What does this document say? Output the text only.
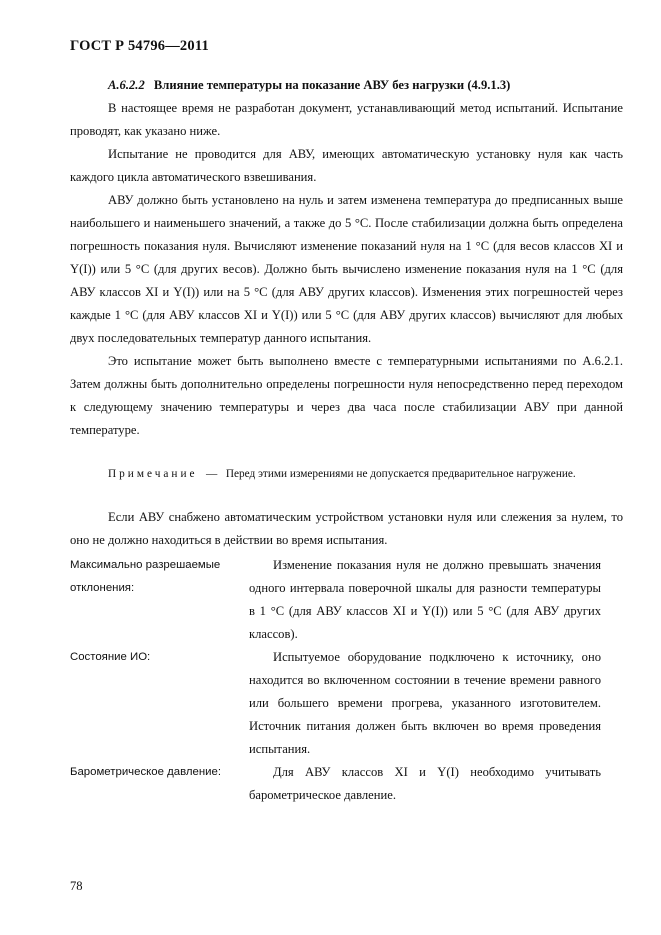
ГОСТ Р 54796—2011
А.6.2.2 Влияние температуры на показание АВУ без нагрузки (4.9.1.3)

В настоящее время не разработан документ, устанавливающий метод испытаний. Испытание проводят, как указано ниже.

Испытание не проводится для АВУ, имеющих автоматическую установку нуля как часть каждого цикла автоматического взвешивания.

АВУ должно быть установлено на нуль и затем изменена температура до предписанных выше наибольшего и наименьшего значений, а также до 5 °С. После стабилизации должна быть определена погрешность показания нуля. Вычисляют изменение показаний нуля на 1 °С (для весов классов XI и Y(I)) или 5 °С (для других весов). Должно быть вычислено изменение показания нуля на 1 °С (для АВУ классов XI и Y(I)) или на 5 °С (для АВУ других классов). Изменения этих погрешностей через каждые 1 °С (для АВУ классов XI и Y(I)) или 5 °С (для АВУ других классов) вычисляют для любых двух последовательных температур данного испытания.

Это испытание может быть выполнено вместе с температурными испытаниями по А.6.2.1. Затем должны быть дополнительно определены погрешности нуля непосредственно перед переходом к следующему значению температуры и через два часа после стабилизации АВУ при данной температуре.

Примечание — Перед этими измерениями не допускается предварительное нагружение.

Если АВУ снабжено автоматическим устройством установки нуля или слежения за нулем, то оно не должно находиться в действии во время испытания.

Максимально разрешаемые отклонения:	Изменение показания нуля не должно превышать значения одного интервала поверочной шкалы для разности температуры в 1 °С (для АВУ классов XI и Y(I)) или 5 °С (для АВУ других классов).

Состояние ИО:	Испытуемое оборудование подключено к источнику, оно находится во включенном состоянии в течение времени равного или большего времени прогрева, указанного изготовителем. Источник питания должен быть включен во время проведения испытания.

Барометрическое давление:	Для АВУ классов XI и Y(I) необходимо учитывать барометрическое давление.
78
